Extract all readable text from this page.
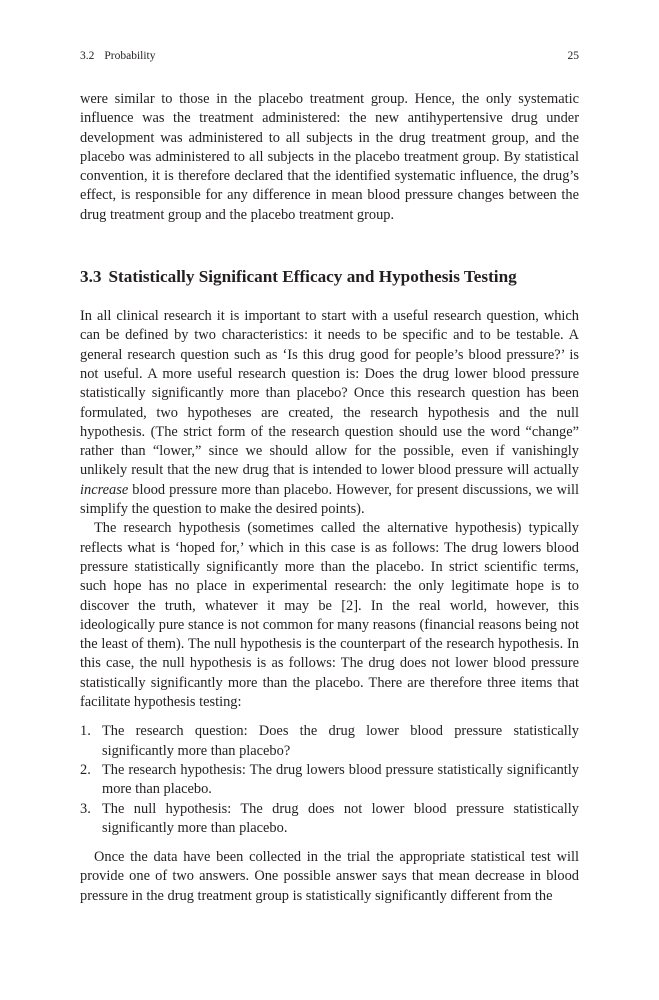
3.2 Probability	25

were similar to those in the placebo treatment group. Hence, the only systematic influence was the treatment administered: the new antihypertensive drug under development was administered to all subjects in the drug treatment group, and the placebo was administered to all subjects in the placebo treatment group. By statistical convention, it is therefore declared that the identified systematic influence, the drug’s effect, is responsible for any difference in mean blood pressure changes between the drug treatment group and the placebo treatment group.

3.3 Statistically Significant Efficacy and Hypothesis Testing

In all clinical research it is important to start with a useful research question, which can be defined by two characteristics: it needs to be specific and to be testable. A general research question such as ‘Is this drug good for people’s blood pressure?’ is not useful. A more useful research question is: Does the drug lower blood pressure statistically significantly more than placebo? Once this research question has been formulated, two hypotheses are created, the research hypothesis and the null hypothesis. (The strict form of the research question should use the word “change” rather than “lower,” since we should allow for the possible, even if vanishingly unlikely result that the new drug that is intended to lower blood pressure will actually increase blood pressure more than placebo. However, for present discussions, we will simplify the question to make the desired points).

The research hypothesis (sometimes called the alternative hypothesis) typically reflects what is ‘hoped for,’ which in this case is as follows: The drug lowers blood pressure statistically significantly more than the placebo. In strict scientific terms, such hope has no place in experimental research: the only legitimate hope is to discover the truth, whatever it may be [2]. In the real world, however, this ideologically pure stance is not common for many reasons (financial reasons being not the least of them). The null hypothesis is the counterpart of the research hypothesis. In this case, the null hypothesis is as follows: The drug does not lower blood pressure statistically significantly more than the placebo. There are therefore three items that facilitate hypothesis testing:

1. The research question: Does the drug lower blood pressure statistically significantly more than placebo?
2. The research hypothesis: The drug lowers blood pressure statistically significantly more than placebo.
3. The null hypothesis: The drug does not lower blood pressure statistically significantly more than placebo.

Once the data have been collected in the trial the appropriate statistical test will provide one of two answers. One possible answer says that mean decrease in blood pressure in the drug treatment group is statistically significantly different from the
